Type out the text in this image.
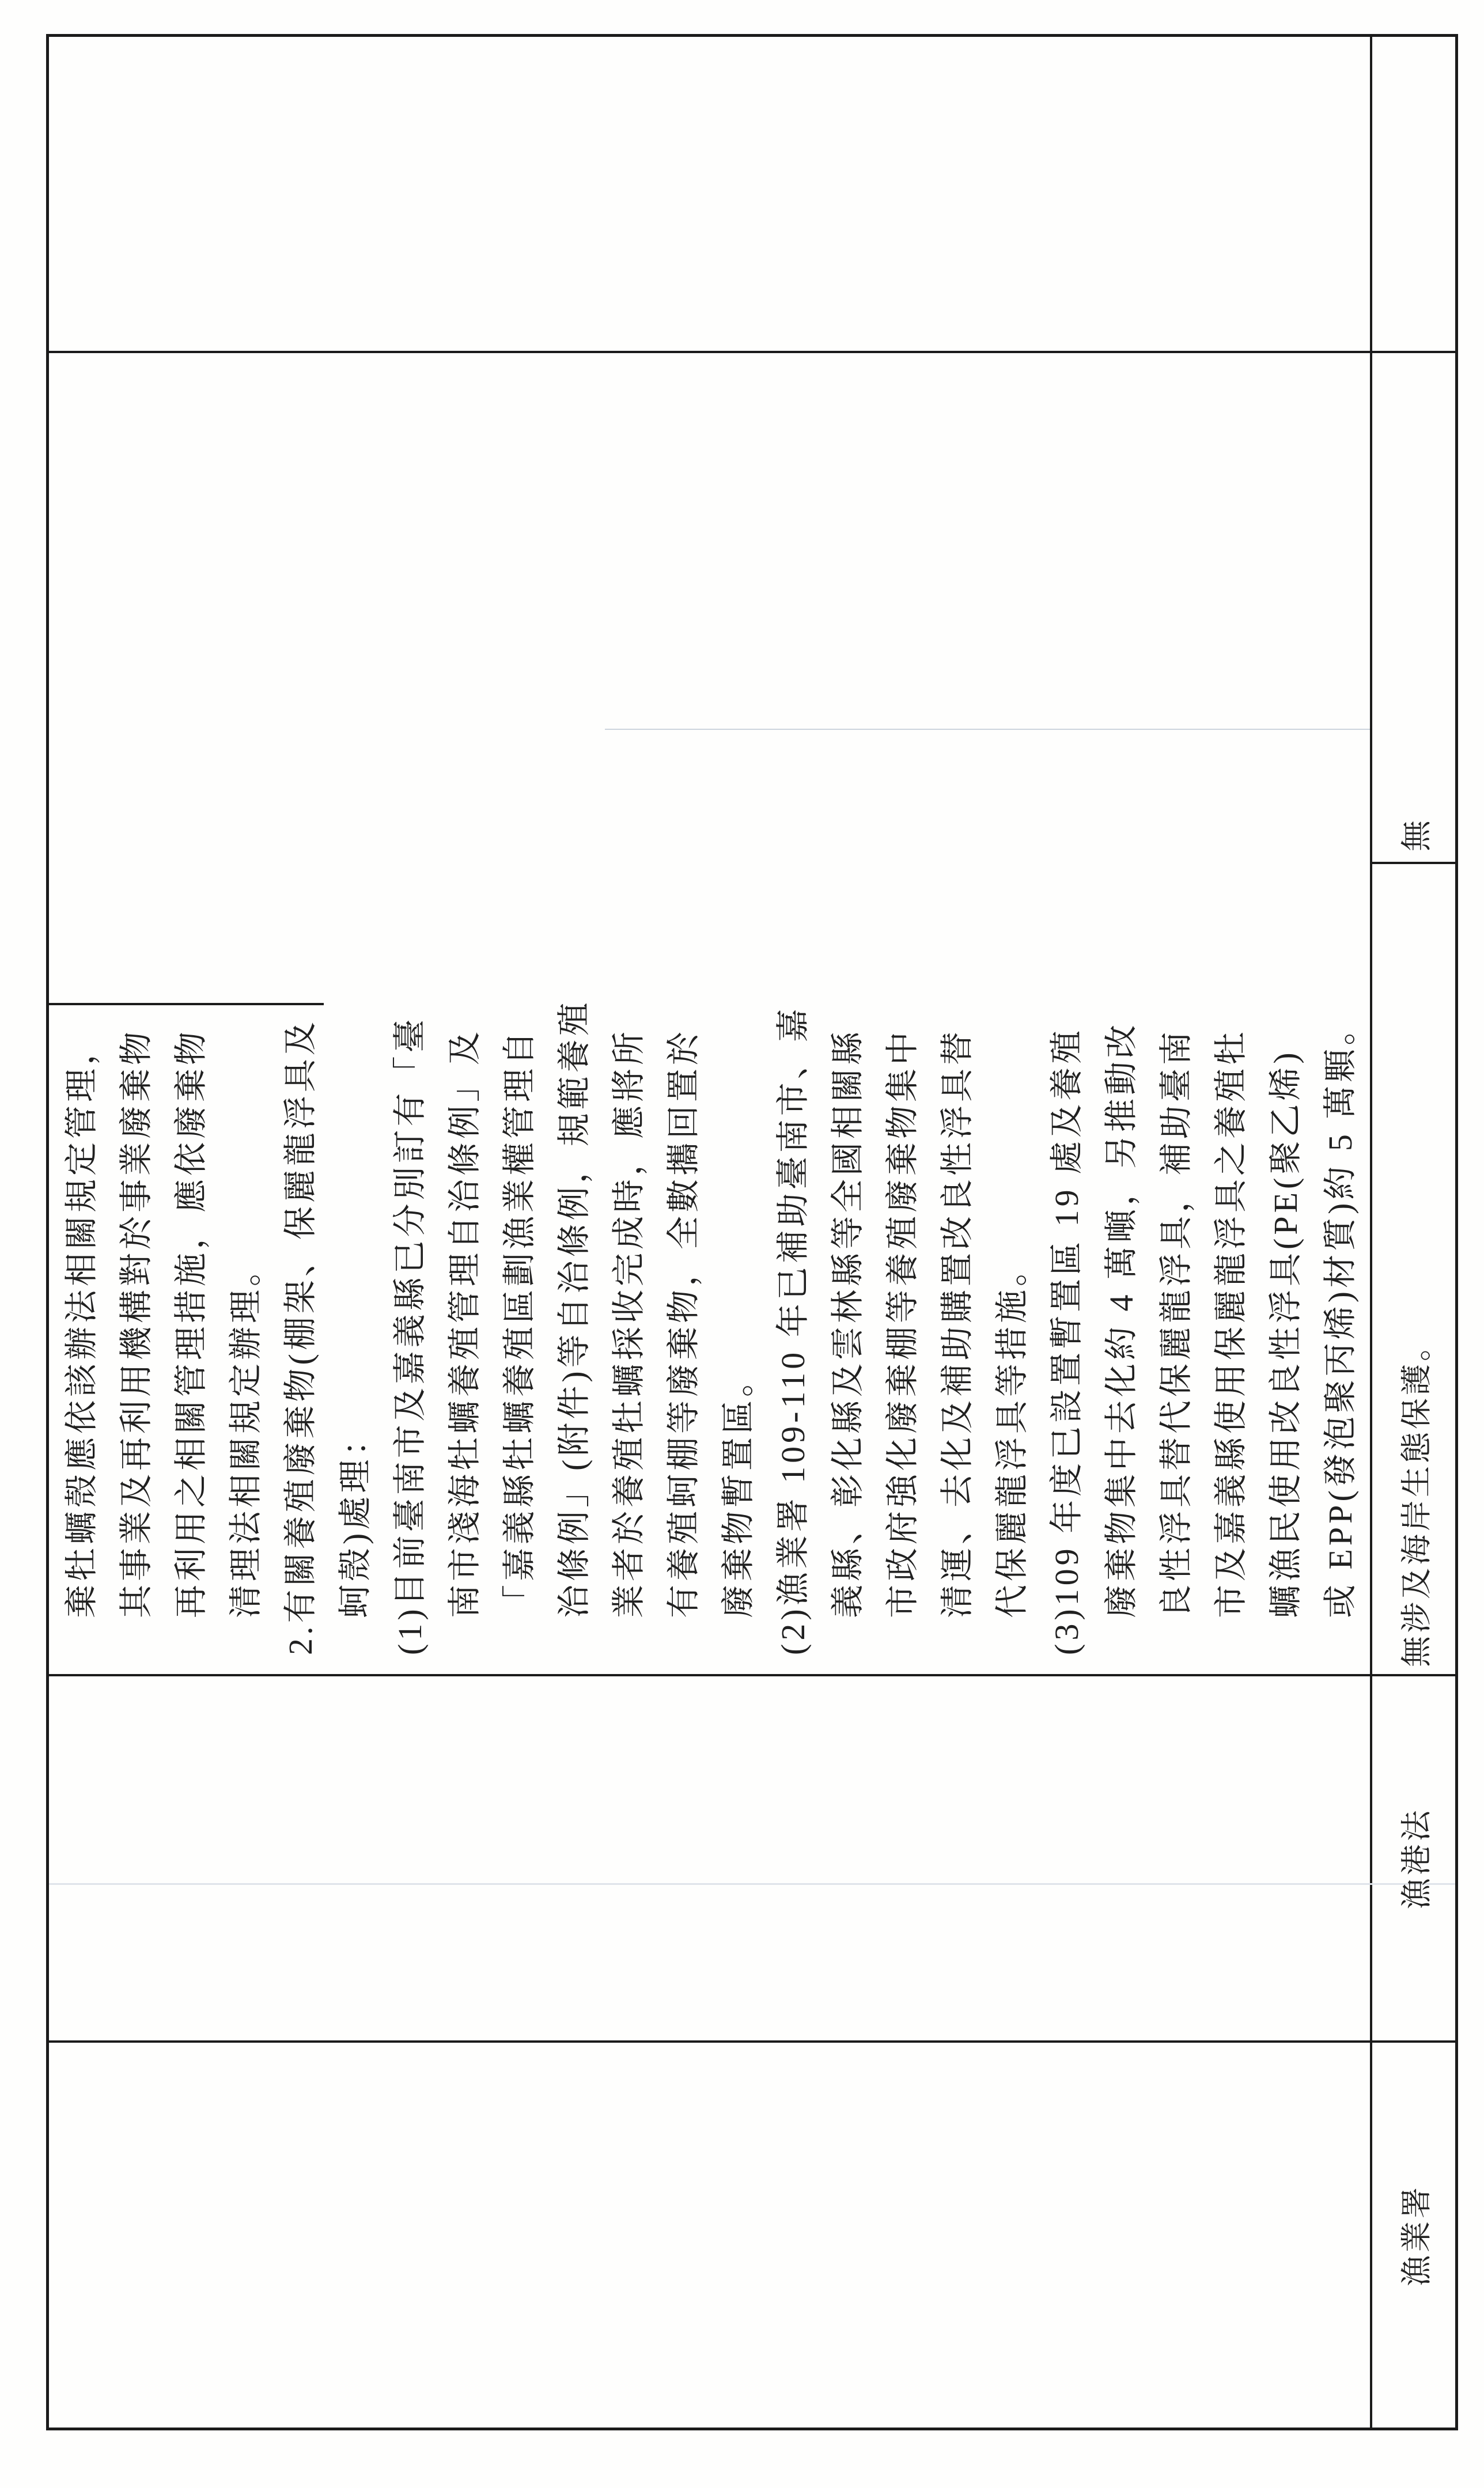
棄牡蠣殼應依該辦法相關規定管理， 其事業及再利用機構對於事業廢棄物 再利用之相關管理措施，應依廢棄物 清理法相關規定辦理。 2.有關養殖廢棄物(棚架、保麗龍浮具及 蚵殼)處理： (1)目前臺南市及嘉義縣已分別訂有「臺 南市淺海牡蠣養殖管理自治條例」及 「嘉義縣牡蠣養殖區劃漁業權管理自 治條例」(附件)等自治條例，規範養殖 業者於養殖牡蠣採收完成時，應將所 有養殖蚵棚等廢棄物，全數攜回置於 廢棄物暫置區。 (2)漁業署 109-110 年已補助臺南市、嘉 義縣、彰化縣及雲林縣等全國相關縣 市政府強化廢棄棚等養殖廢棄物集中 清運、去化及補助購置改良性浮具替 代保麗龍浮具等措施。 (3)109 年度已設置暫置區 19 處及養殖 廢棄物集中去化約 4 萬噸，另推動改 良性浮具替代保麗龍浮具，補助臺南 市及嘉義縣使用保麗龍浮具之養殖牡 蠣漁民使用改良性浮具(PE(聚乙烯) 或 EPP(發泡聚丙烯)材質)約 5 萬顆。
漁業署
漁港法
無涉及海岸生態保護。
無
